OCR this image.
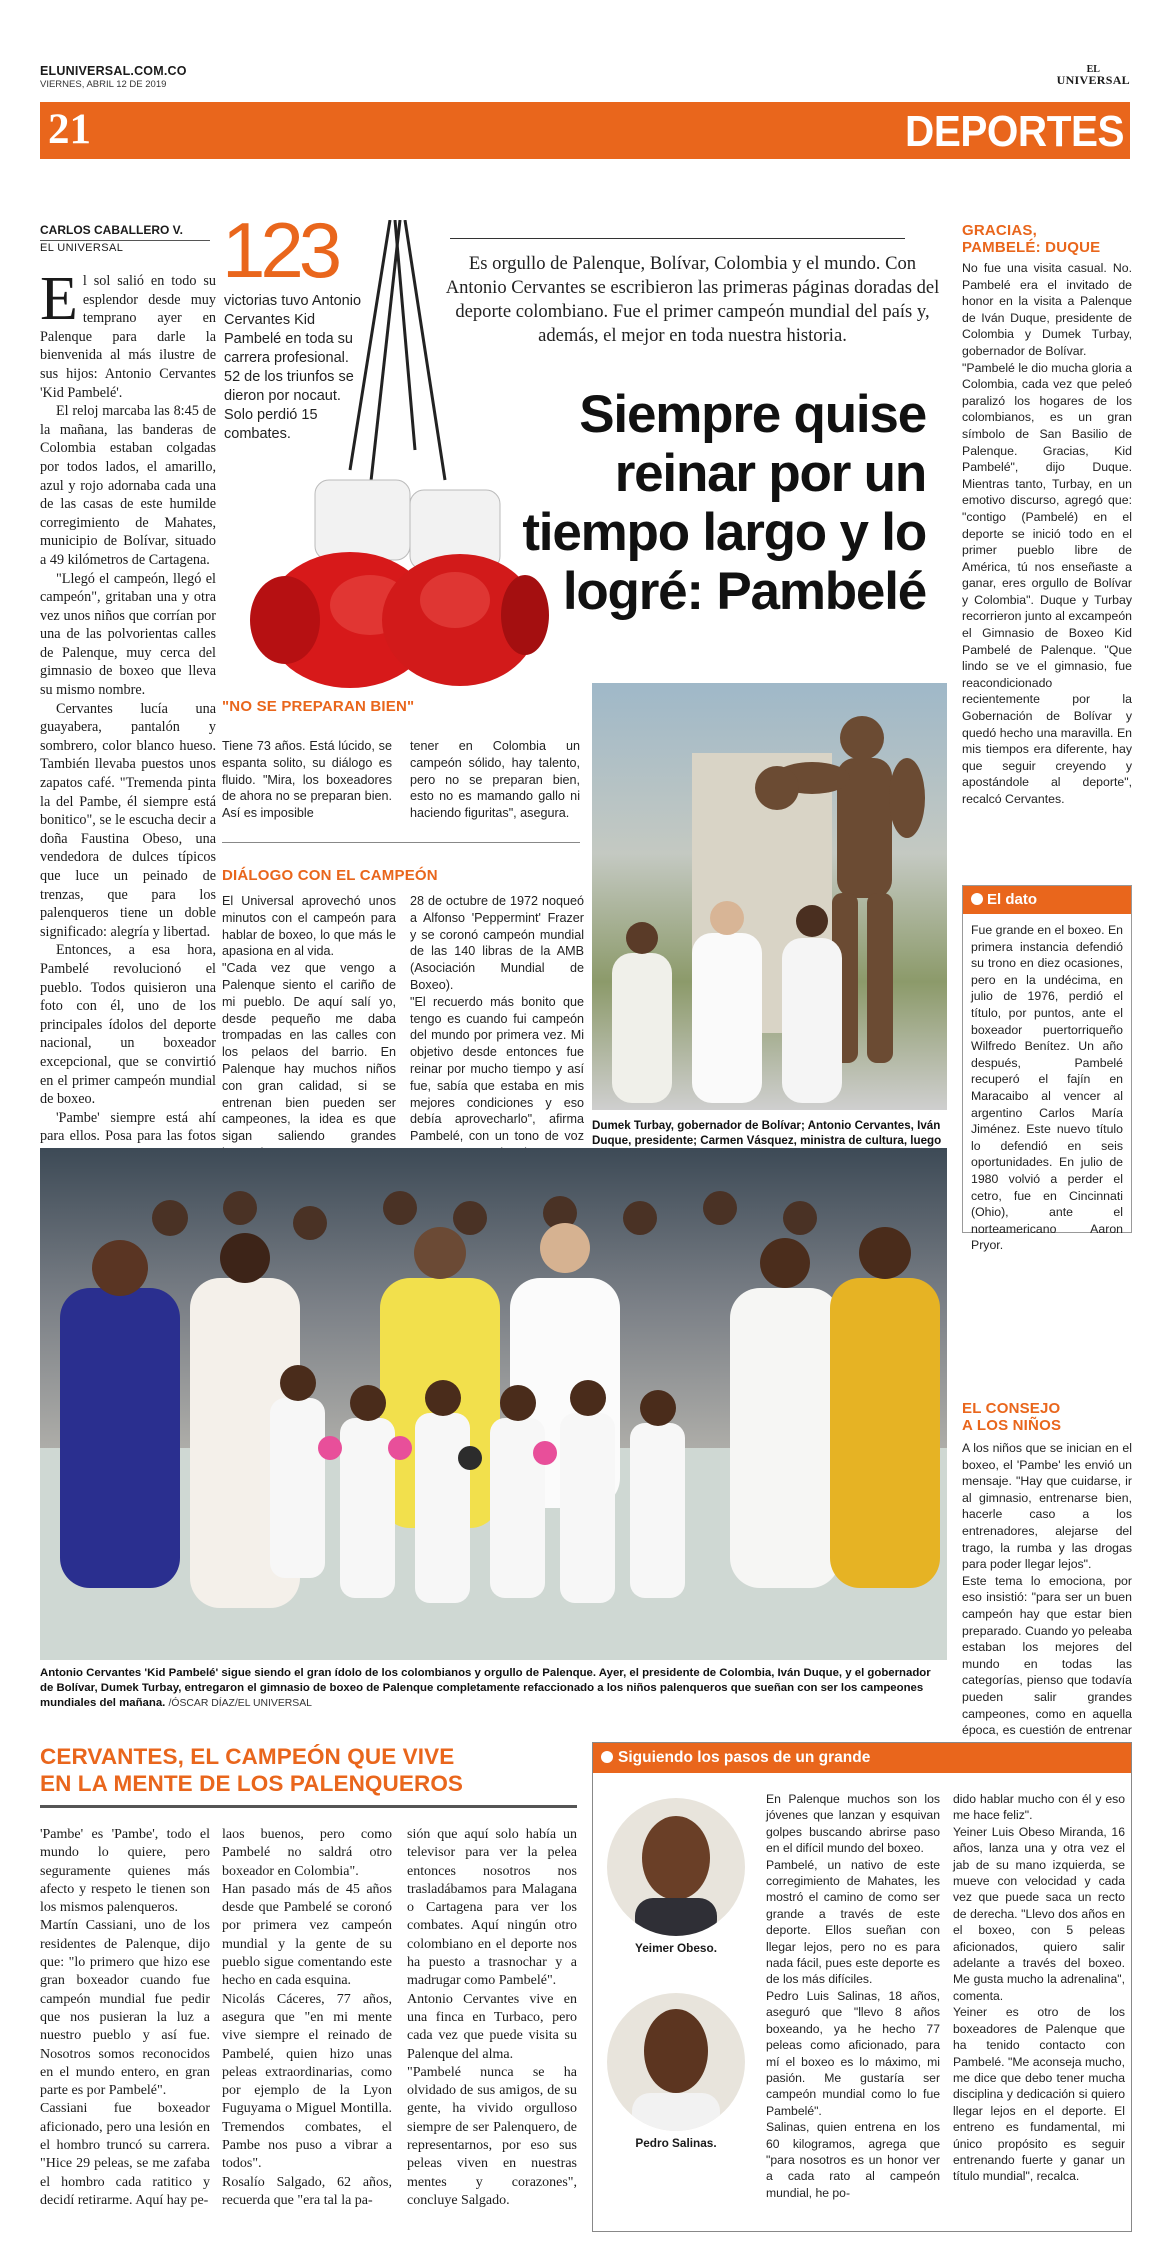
ELUNIVERSAL.COM.CO
VIERNES, ABRIL 12 DE 2019
EL
UNIVERSAL
21	DEPORTES
CARLOS CABALLERO V.
EL UNIVERSAL

El sol salió en todo su esplendor desde muy temprano ayer en Palenque para darle la bienvenida al más ilustre de sus hijos: Antonio Cervantes 'Kid Pambelé'.

El reloj marcaba las 8:45 de la mañana, las banderas de Colombia estaban colgadas por todos lados, el amarillo, azul y rojo adornaba cada una de las casas de este humilde corregimiento de Mahates, municipio de Bolívar, situado a 49 kilómetros de Cartagena.

"Llegó el campeón, llegó el campeón", gritaban una y otra vez unos niños que corrían por una de las polvorientas calles de Palenque, muy cerca del gimnasio de boxeo que lleva su mismo nombre.

Cervantes lucía una guayabera, pantalón y sombrero, color blanco hueso. También llevaba puestos unos zapatos café. "Tremenda pinta la del Pambe, él siempre está bonitico", se le escucha decir a doña Faustina Obeso, una vendedora de dulces típicos que luce un peinado de trenzas, que para los palenqueros tiene un doble significado: alegría y libertad.

Entonces, a esa hora, Pambelé revolucionó el pueblo. Todos quisieron una foto con él, uno de los principales ídolos del deporte nacional, un boxeador excepcional, que se convirtió en el primer campeón mundial de boxeo.

'Pambe' siempre está ahí para ellos. Posa para las fotos

123
victorias tuvo Antonio Cervantes Kid Pambelé en toda su carrera profesional. 52 de los triunfos se dieron por nocaut. Solo perdió 15 combates.
Es orgullo de Palenque, Bolívar, Colombia y el mundo. Con Antonio Cervantes se escribieron las primeras páginas doradas del deporte colombiano. Fue el primer campeón mundial del país y, además, el mejor en toda nuestra historia.
Siempre quise
reinar por un
tiempo largo y lo
logré: Pambelé
"NO SE PREPARAN BIEN"
Tiene 73 años. Está lúcido, se espanta solito, su diálogo es fluido. "Mira, los boxeadores de ahora no se preparan bien. Así es imposible
tener en Colombia un campeón sólido, hay talento, pero no se preparan bien, esto no es mamando gallo ni haciendo figuritas", asegura.
DIÁLOGO CON EL CAMPEÓN
El Universal aprovechó unos minutos con el campeón para hablar de boxeo, lo que más le apasiona en al vida.
"Cada vez que vengo a Palenque siento el cariño de mi pueblo. De aquí salí yo, desde pequeño me daba trompadas en las calles con los pelaos del barrio. En Palenque hay muchos niños con gran calidad, si se entrenan bien pueden ser campeones, la idea es que sigan saliendo grandes
28 de octubre de 1972 noqueó a Alfonso 'Peppermint' Frazer y se coronó campeón mundial de las 140 libras de la AMB (Asociación Mundial de Boxeo).
"El recuerdo más bonito que tengo es cuando fui campeón del mundo por primera vez. Mi objetivo desde entonces fue reinar por mucho tiempo y así fue, sabía que estaba en mis mejores condiciones y eso debía aprovecharlo", afirma Pambelé, con un tono de voz
Dumek Turbay, gobernador de Bolívar; Antonio Cervantes, Iván Duque, presidente; Carmen Vásquez, ministra de cultura, luego
GRACIAS,
PAMBELÉ: DUQUE
No fue una visita casual. No. Pambelé era el invitado de honor en la visita a Palenque de Iván Duque, presidente de Colombia y Dumek Turbay, gobernador de Bolívar.
"Pambelé le dio mucha gloria a Colombia, cada vez que peleó paralizó los hogares de los colombianos, es un gran símbolo de San Basilio de Palenque. Gracias, Kid Pambelé", dijo Duque. Mientras tanto, Turbay, en un emotivo discurso, agregó que: "contigo (Pambelé) en el deporte se inició todo en el primer pueblo libre de América, tú nos enseñaste a ganar, eres orgullo de Bolívar y Colombia". Duque y Turbay recorrieron junto al excampeón el Gimnasio de Boxeo Kid Pambelé de Palenque. "Que lindo se ve el gimnasio, fue reacondicionado recientemente por la Gobernación de Bolívar y quedó hecho una maravilla. En mis tiempos era diferente, hay que seguir creyendo y apostándole al deporte", recalcó Cervantes.
El dato
Fue grande en el boxeo. En primera instancia defendió su trono en diez ocasiones, pero en la undécima, en julio de 1976, perdió el título, por puntos, ante el boxeador puertorriqueño Wilfredo Benítez. Un año después, Pambelé recuperó el fajín en Maracaibo al vencer al argentino Carlos María Jiménez. Este nuevo título lo defendió en seis oportunidades. En julio de 1980 volvió a perder el cetro, fue en Cincinnati (Ohio), ante el norteamericano Aaron Pryor.
Antonio Cervantes 'Kid Pambelé' sigue siendo el gran ídolo de los colombianos y orgullo de Palenque. Ayer, el presidente de Colombia, Iván Duque, y el gobernador de Bolívar, Dumek Turbay, entregaron el gimnasio de boxeo de Palenque completamente refaccionado a los niños palenqueros que sueñan con ser los campeones mundiales del mañana. /ÓSCAR DÍAZ/EL UNIVERSAL
EL CONSEJO
A LOS NIÑOS
A los niños que se inician en el boxeo, el 'Pambe' les envió un mensaje. "Hay que cuidarse, ir al gimnasio, entrenarse bien, hacerle caso a los entrenadores, alejarse del trago, la rumba y las drogas para poder llegar lejos".
Este tema lo emociona, por eso insistió: "para ser un buen campeón hay que estar bien preparado. Cuando yo peleaba estaban los mejores del mundo en todas las categorías, pienso que todavía pueden salir grandes campeones, como en aquella época, es cuestión de entrenar
CERVANTES, EL CAMPEÓN QUE VIVE
EN LA MENTE DE LOS PALENQUEROS
'Pambe' es 'Pambe', todo el mundo lo quiere, pero seguramente quienes más afecto y respeto le tienen son los mismos palenqueros.
Martín Cassiani, uno de los residentes de Palenque, dijo que: "lo primero que hizo ese gran boxeador cuando fue campeón mundial fue pedir que nos pusieran la luz a nuestro pueblo y así fue. Nosotros somos reconocidos en el mundo entero, en gran parte es por Pambelé".
Cassiani fue boxeador aficionado, pero una lesión en el hombro truncó su carrera. "Hice 29 peleas, se me zafaba el hombro cada ratitico y decidí retirarme. Aquí hay pe-
laos buenos, pero como Pambelé no saldrá otro boxeador en Colombia".
Han pasado más de 45 años desde que Pambelé se coronó por primera vez campeón mundial y la gente de su pueblo sigue comentando este hecho en cada esquina.
Nicolás Cáceres, 77 años, asegura que "en mi mente vive siempre el reinado de Pambelé, quien hizo unas peleas extraordinarias, como por ejemplo de la Lyon Fuguyama o Miguel Montilla. Tremendos combates, el Pambe nos puso a vibrar a todos".
Rosalío Salgado, 62 años, recuerda que "era tal la pa-
sión que aquí solo había un televisor para ver la pelea entonces nosotros nos trasladábamos para Malagana o Cartagena para ver los combates. Aquí ningún otro colombiano en el deporte nos ha puesto a trasnochar y a madrugar como Pambelé".
Antonio Cervantes vive en una finca en Turbaco, pero cada vez que puede visita su Palenque del alma.
"Pambelé nunca se ha olvidado de sus amigos, de su gente, ha vivido orgulloso siempre de ser Palenquero, de representarnos, por eso sus peleas viven en nuestras mentes y corazones", concluye Salgado.
Siguiendo los pasos de un grande
Yeimer Obeso.
Pedro Salinas.
En Palenque muchos son los jóvenes que lanzan y esquivan golpes buscando abrirse paso en el difícil mundo del boxeo.
Pambelé, un nativo de este corregimiento de Mahates, les mostró el camino de como ser grande a través de este deporte. Ellos sueñan con llegar lejos, pero no es para nada fácil, pues este deporte es de los más difíciles.
Pedro Luis Salinas, 18 años, aseguró que "llevo 8 años boxeando, ya he hecho 77 peleas como aficionado, para mí el boxeo es lo máximo, mi pasión. Me gustaría ser campeón mundial como lo fue Pambelé".
Salinas, quien entrena en los 60 kilogramos, agrega que "para nosotros es un honor ver a cada rato al campeón mundial, he po-
dido hablar mucho con él y eso me hace feliz".
Yeiner Luis Obeso Miranda, 16 años, lanza una y otra vez el jab de su mano izquierda, se mueve con velocidad y cada vez que puede saca un recto de derecha. "Llevo dos años en el boxeo, con 5 peleas aficionados, quiero salir adelante a través del boxeo. Me gusta mucho la adrenalina", comenta.
Yeiner es otro de los boxeadores de Palenque que ha tenido contacto con Pambelé. "Me aconseja mucho, me dice que debo tener mucha disciplina y dedicación si quiero llegar lejos en el deporte. El entreno es fundamental, mi único propósito es seguir entrenando fuerte y ganar un título mundial", recalca.
